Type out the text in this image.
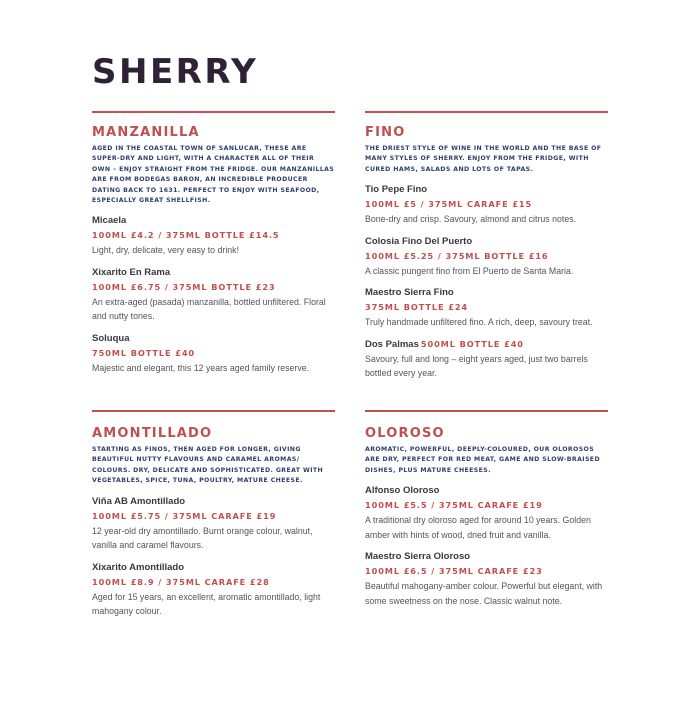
SHERRY
MANZANILLA

AGED IN THE COASTAL TOWN OF SANLUCAR, THESE ARE SUPER-DRY AND LIGHT, WITH A CHARACTER ALL OF THEIR OWN – ENJOY STRAIGHT FROM THE FRIDGE. OUR MANZANILLAS ARE FROM BODEGAS BARON, AN INCREDIBLE PRODUCER DATING BACK TO 1631. PERFECT TO ENJOY WITH SEAFOOD, ESPECIALLY GREAT SHELLFISH.

Micaela
100ML £4.2 / 375ML BOTTLE £14.5
Light, dry, delicate, very easy to drink!
Xixarito En Rama
100ML £6.75 / 375ML BOTTLE £23
An extra-aged (pasada) manzanilla, bottled unfiltered. Floral and nutty tones.
Soluqua
750ML BOTTLE £40
Majestic and elegant, this 12 years aged family reserve.
FINO

THE DRIEST STYLE OF WINE IN THE WORLD AND THE BASE OF MANY STYLES OF SHERRY. ENJOY FROM THE FRIDGE, WITH CURED HAMS, SALADS AND LOTS OF TAPAS.

Tio Pepe Fino
100ML £5 / 375ML CARAFE £15
Bone-dry and crisp. Savoury, almond and citrus notes.
Colosia Fino Del Puerto
100ML £5.25 / 375ML BOTTLE £16
A classic pungent fino from El Puerto de Santa Maria.
Maestro Sierra Fino
375ML BOTTLE £24
Truly handmade unfiltered fino. A rich, deep, savoury treat.
Dos Palmas 500ML BOTTLE £40
Savoury, full and long – eight years aged, just two barrels bottled every year.
AMONTILLADO

STARTING AS FINOS, THEN AGED FOR LONGER, GIVING BEAUTIFUL NUTTY FLAVOURS AND CARAMEL AROMAS/ COLOURS. DRY, DELICATE AND SOPHISTICATED. GREAT WITH VEGETABLES, SPICE, TUNA, POULTRY, MATURE CHEESE.

Viña AB Amontillado
100ML £5.75 / 375ML CARAFE £19
12 year-old dry amontillado. Burnt orange colour, walnut, vanilla and caramel flavours.
Xixarito Amontillado
100ML £8.9 / 375ML CARAFE £28
Aged for 15 years, an excellent, aromatic amontillado, light mahogany colour.
OLOROSO

AROMATIC, POWERFUL, DEEPLY-COLOURED, OUR OLOROSOS ARE DRY, PERFECT FOR RED MEAT, GAME AND SLOW-BRAISED DISHES, PLUS MATURE CHEESES.

Alfonso Oloroso
100ML £5.5 / 375ML CARAFE £19
A traditional dry oloroso aged for around 10 years. Golden amber with hints of wood, dried fruit and vanilla.
Maestro Sierra Oloroso
100ML £6.5 / 375ML CARAFE £23
Beautiful mahogany-amber colour. Powerful but elegant, with some sweetness on the nose. Classic walnut note.
